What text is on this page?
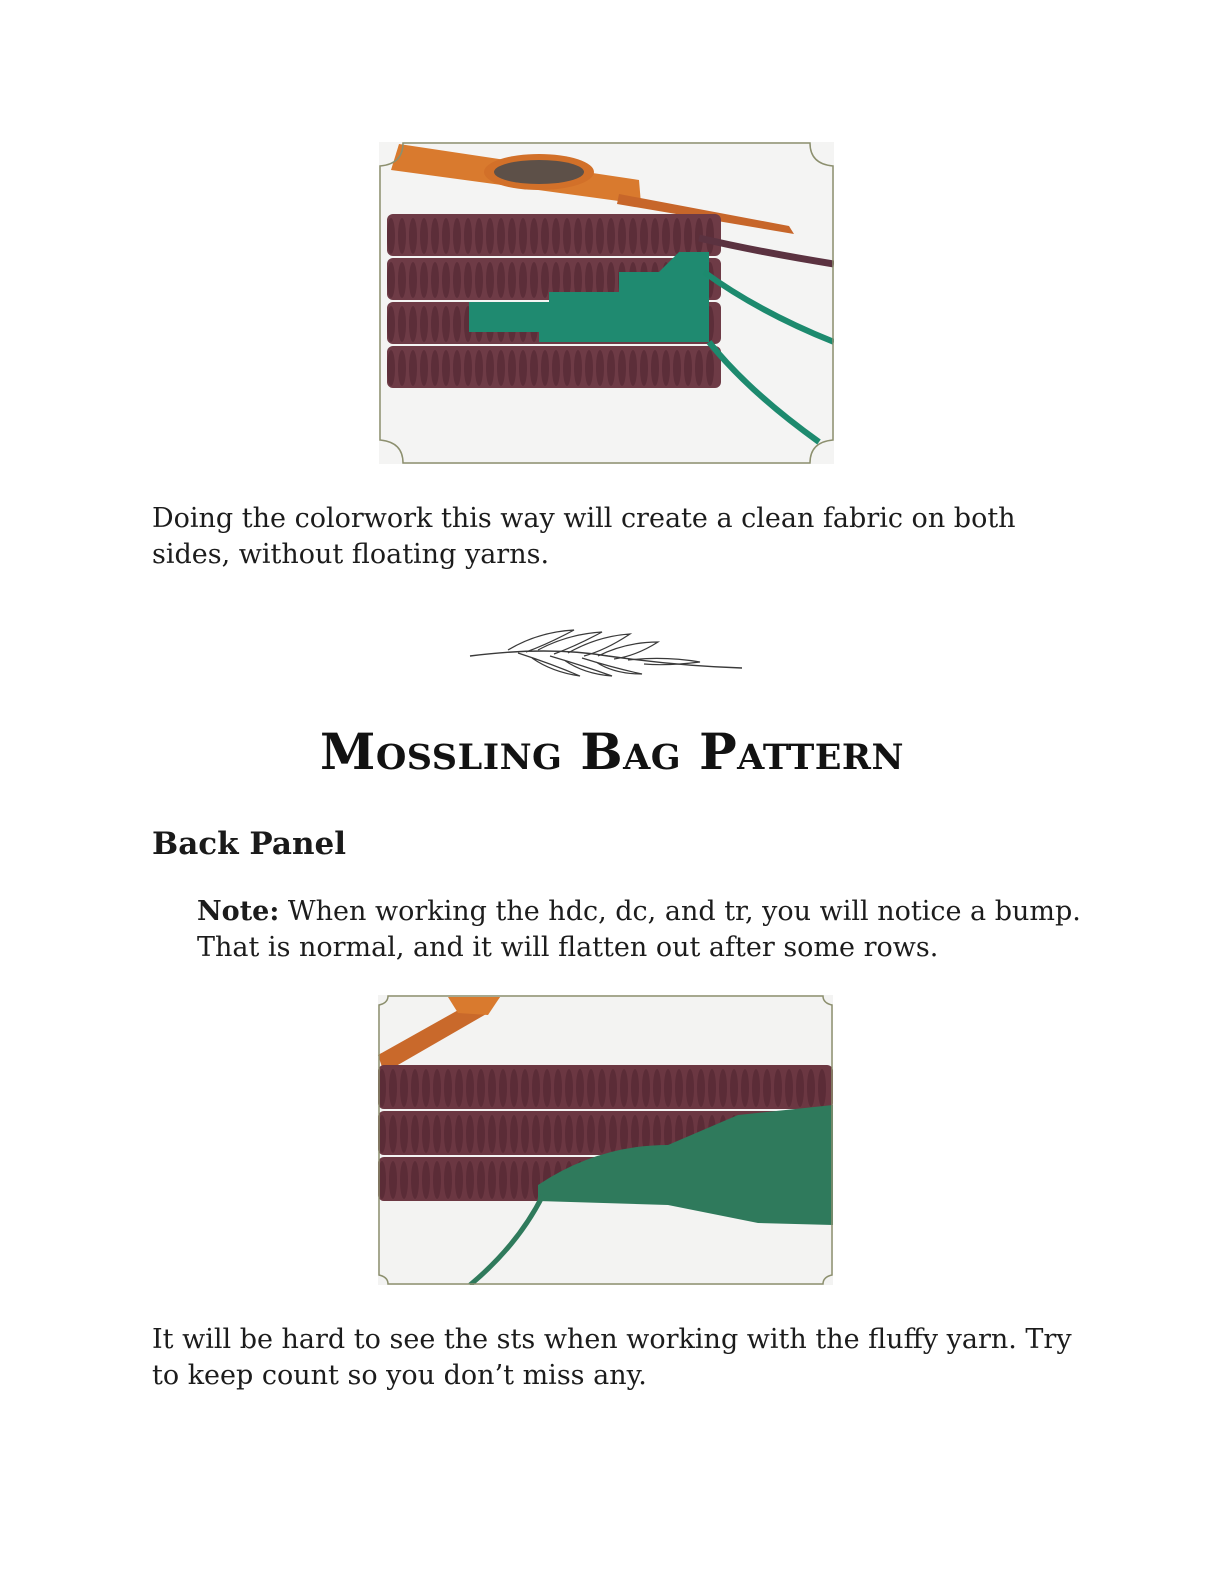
Doing the colorwork this way will create a clean fabric on both sides, without floating yarns.

Mossling Bag Pattern
Back Panel

Note: When working the hdc, dc, and tr, you will notice a bump. That is normal, and it will flatten out after some rows.

It will be hard to see the sts when working with the fluffy yarn. Try to keep count so you don’t miss any.
